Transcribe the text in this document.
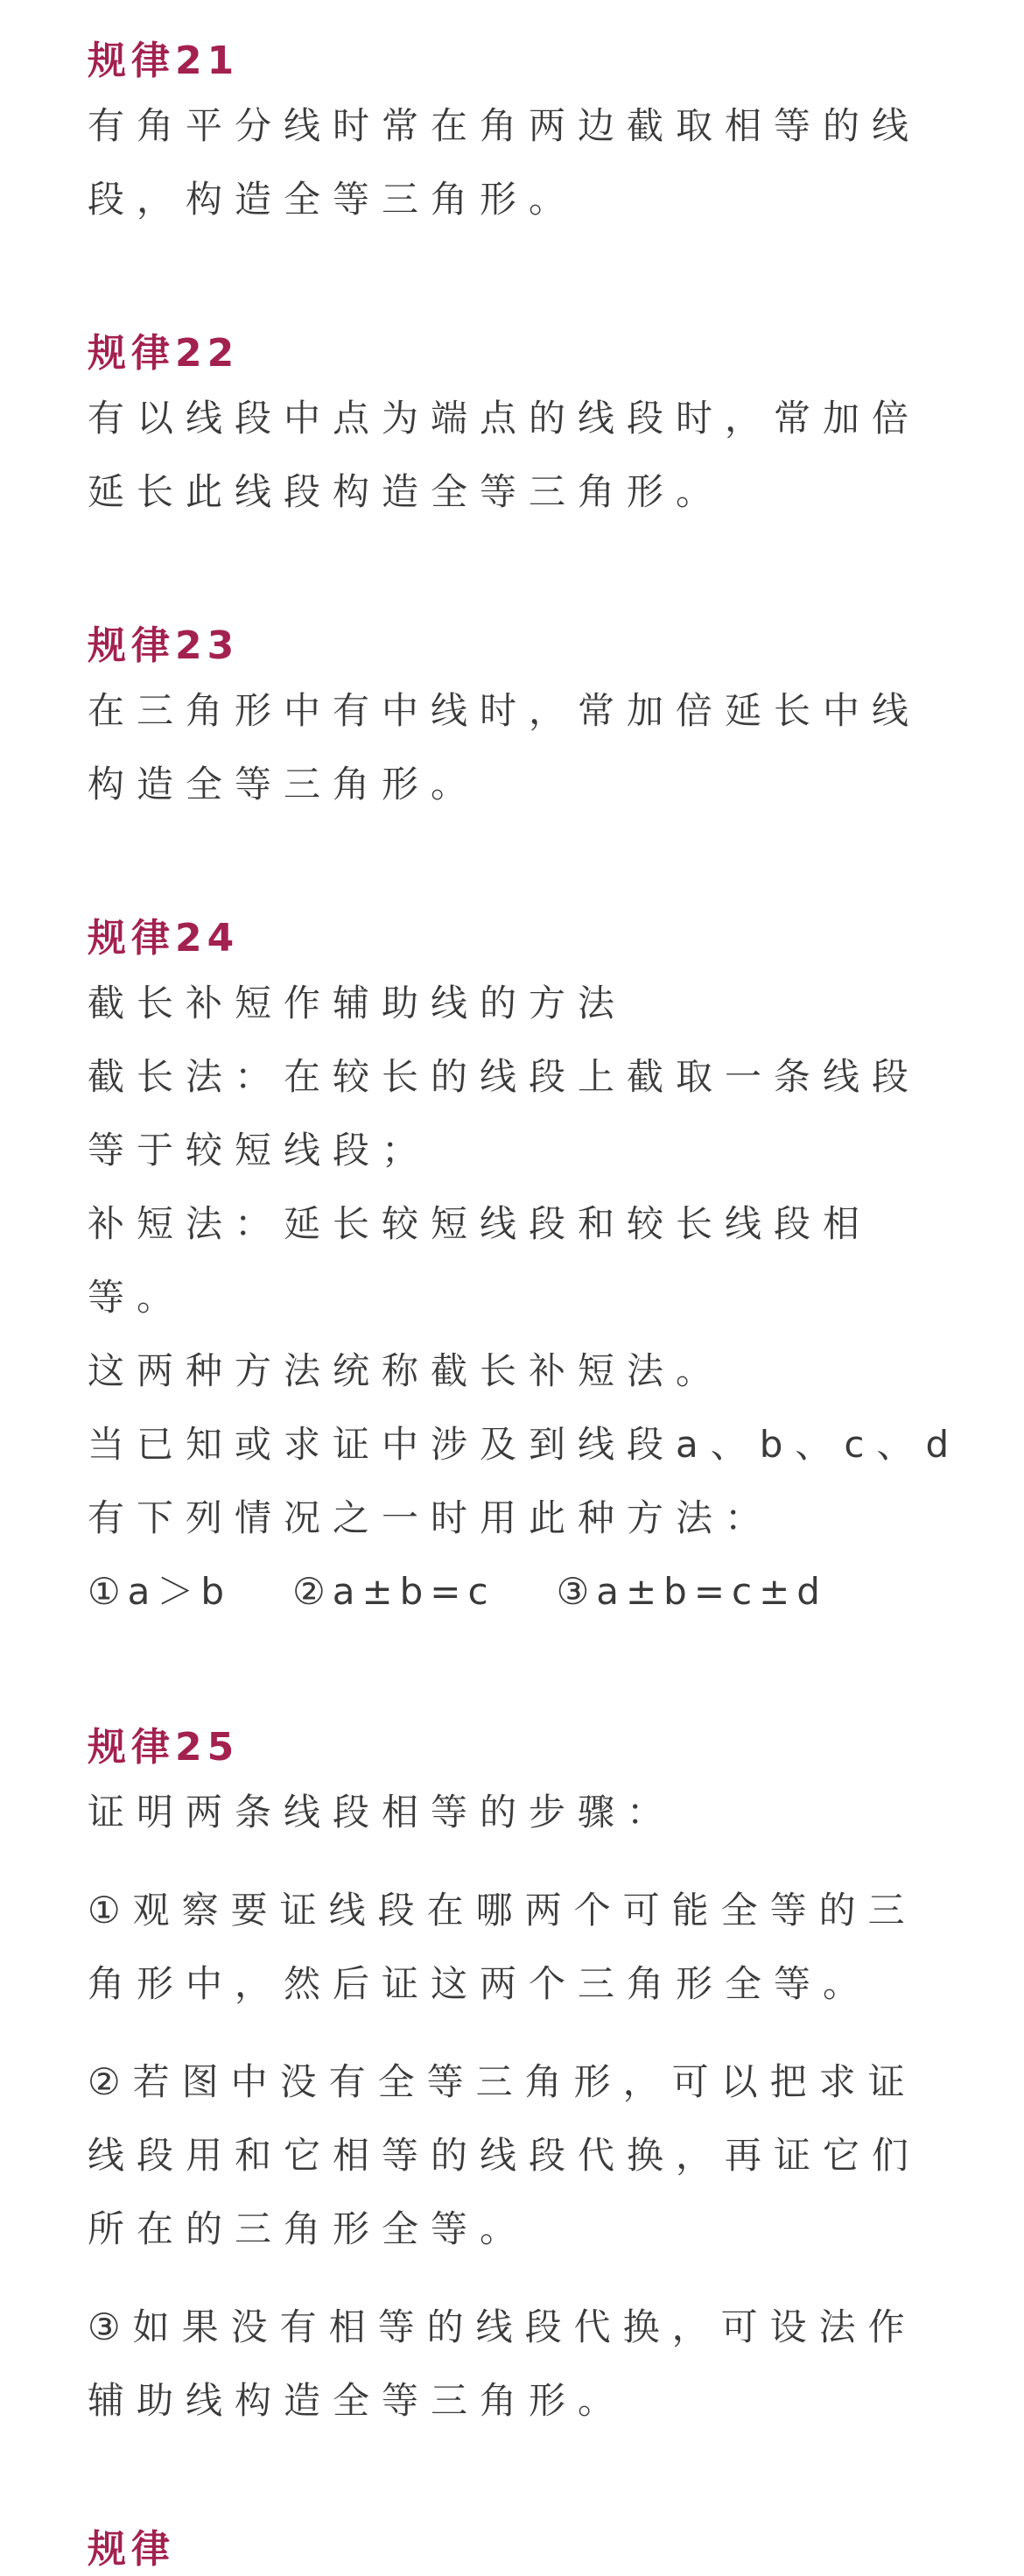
规律21
有角平分线时常在角两边截取相等的线
段，构造全等三角形。
规律22
有以线段中点为端点的线段时，常加倍
延长此线段构造全等三角形。
规律23
在三角形中有中线时，常加倍延长中线
构造全等三角形。
规律24
截长补短作辅助线的方法
截长法：在较长的线段上截取一条线段
等于较短线段；
补短法：延长较短线段和较长线段相
等。
这两种方法统称截长补短法。
当已知或求证中涉及到线段a、b、c、d
有下列情况之一时用此种方法：
①a＞b ②a±b=c ③a±b=c±d
规律25
证明两条线段相等的步骤：
①观察要证线段在哪两个可能全等的三
角形中，然后证这两个三角形全等。
②若图中没有全等三角形，可以把求证
线段用和它相等的线段代换，再证它们
所在的三角形全等。
③如果没有相等的线段代换，可设法作
辅助线构造全等三角形。
规律
